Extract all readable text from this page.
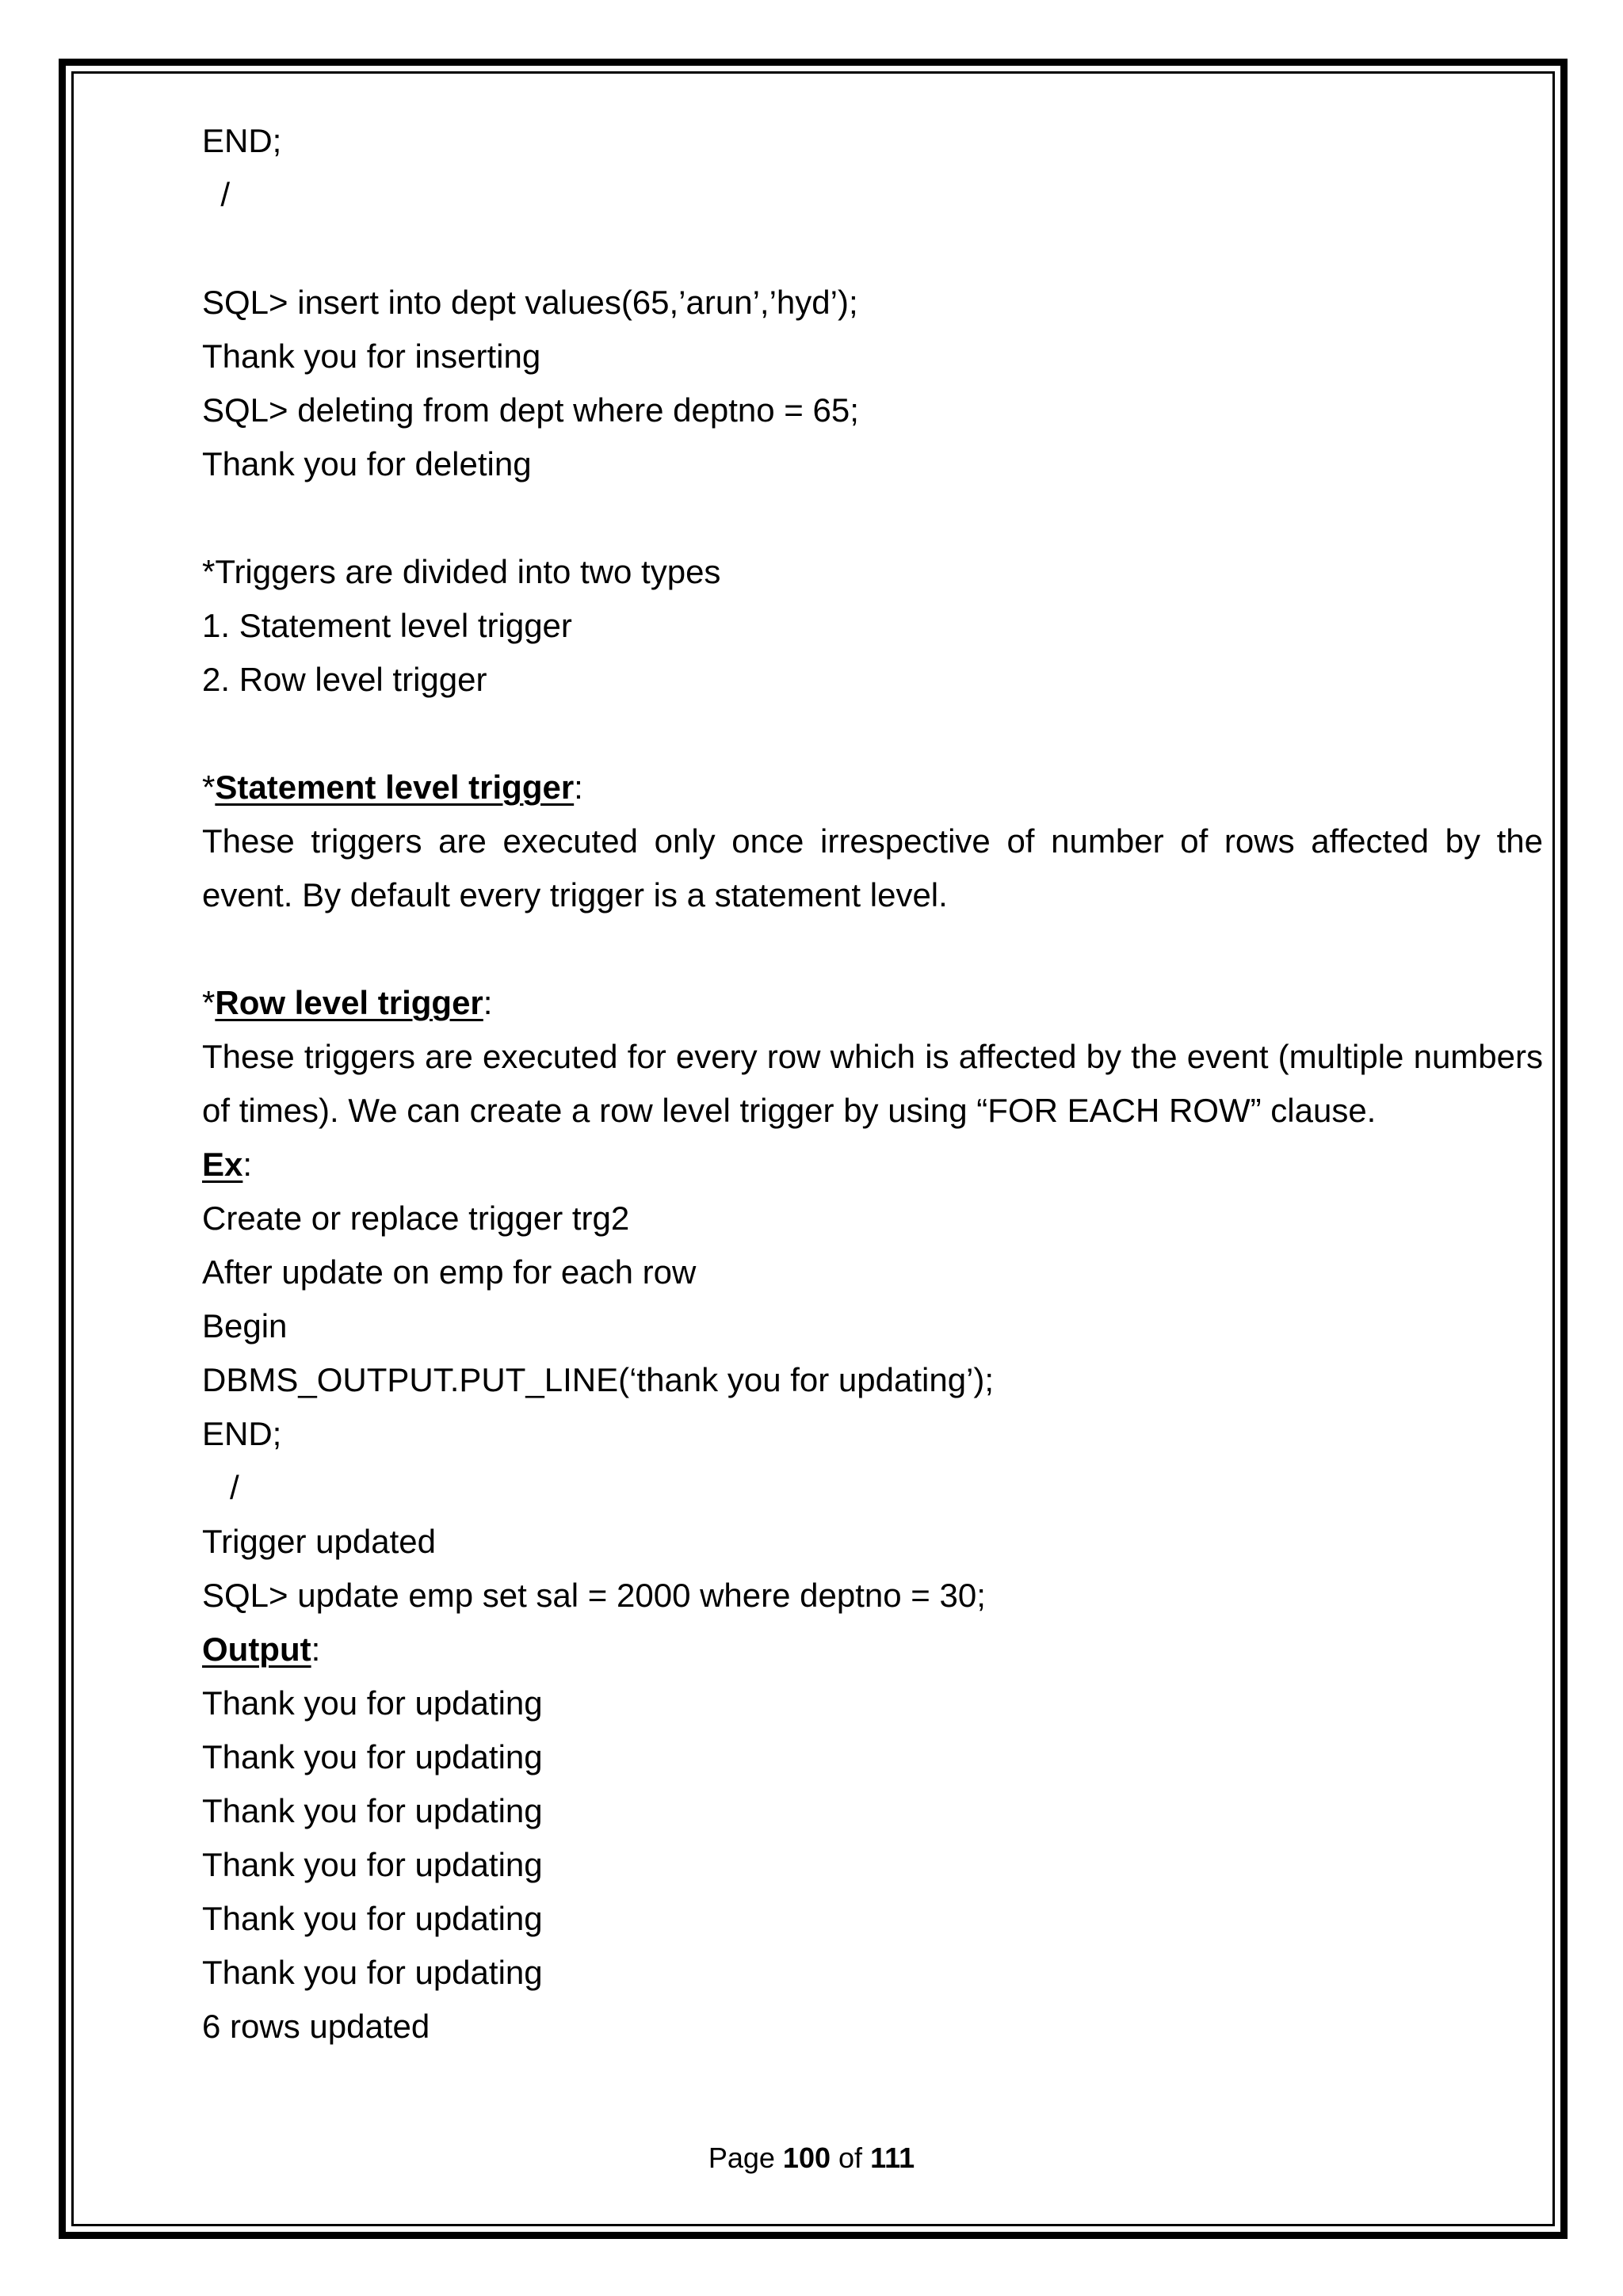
END;
/
SQL> insert into dept values(65,’arun’,’hyd’);
Thank you for inserting
SQL> deleting from dept where deptno = 65;
Thank you for deleting
*Triggers are divided into two types
1. Statement level trigger
2. Row level trigger
*Statement level trigger:
These triggers are executed only once irrespective of number of rows affected by the event. By default every trigger is a statement level.
*Row level trigger:
These triggers are executed for every row which is affected by the event (multiple numbers of times). We can create a row level trigger by using “FOR EACH ROW” clause.
Ex:
Create or replace trigger trg2
After update on emp for each row
Begin
DBMS_OUTPUT.PUT_LINE(‘thank you for updating’);
END;
/
Trigger updated
SQL> update emp set sal = 2000 where deptno = 30;
Output:
Thank you for updating
Thank you for updating
Thank you for updating
Thank you for updating
Thank you for updating
Thank you for updating
6 rows updated
Page 100 of 111
